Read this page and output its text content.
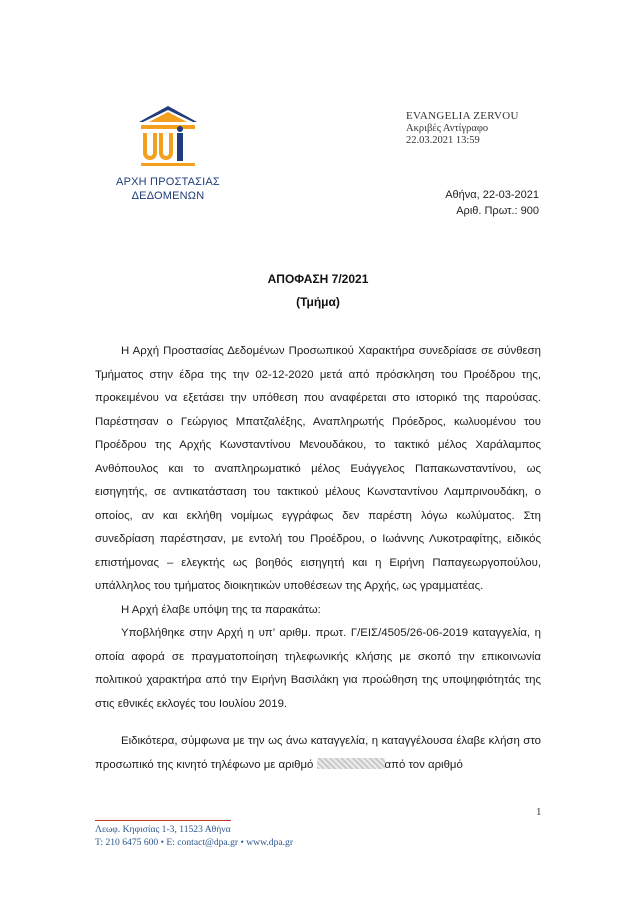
ΑΡΧΗ ΠΡΟΣΤΑΣΙΑΣ
ΔΕΔΟΜΕΝΩΝ
EVANGELIA ZERVOU
Ακριβές Αντίγραφο
22.03.2021 13:59
Αθήνα, 22-03-2021
Αριθ. Πρωτ.: 900
ΑΠΟΦΑΣΗ 7/2021
(Τμήμα)

Η Αρχή Προστασίας Δεδομένων Προσωπικού Χαρακτήρα συνεδρίασε σε σύνθεση Τμήματος στην έδρα της την 02-12-2020 μετά από πρόσκληση του Προέδρου της, προκειμένου να εξετάσει την υπόθεση που αναφέρεται στο ιστορικό της παρούσας. Παρέστησαν ο Γεώργιος Μπατζαλέξης, Αναπληρωτής Πρόεδρος, κωλυομένου του Προέδρου της Αρχής Κωνσταντίνου Μενουδάκου, το τακτικό μέλος Χαράλαμπος Ανθόπουλος και το αναπληρωματικό μέλος Ευάγγελος Παπακωνσταντίνου, ως εισηγητής, σε αντικατάσταση του τακτικού μέλους Κωνσταντίνου Λαμπρινουδάκη, ο οποίος, αν και εκλήθη νομίμως εγγράφως δεν παρέστη λόγω κωλύματος. Στη συνεδρίαση παρέστησαν, με εντολή του Προέδρου, ο Ιωάννης Λυκοτραφίτης, ειδικός επιστήμονας – ελεγκτής ως βοηθός εισηγητή και η Ειρήνη Παπαγεωργοπούλου, υπάλληλος του τμήματος διοικητικών υποθέσεων της Αρχής, ως γραμματέας.

Η Αρχή έλαβε υπόψη της τα παρακάτω:

Υποβλήθηκε στην Αρχή η υπ’ αριθμ. πρωτ. Γ/ΕΙΣ/4505/26-06-2019 καταγγελία, η οποία αφορά σε πραγματοποίηση τηλεφωνικής κλήσης με σκοπό την επικοινωνία πολιτικού χαρακτήρα από την Ειρήνη Βασιλάκη για προώθηση της υποψηφιότητάς της στις εθνικές εκλογές του Ιουλίου 2019.

Ειδικότερα, σύμφωνα με την ως άνω καταγγελία, η καταγγέλουσα έλαβε κλήση στο προσωπικό της κινητό τηλέφωνο με αριθμό	από τον αριθμό

1
Λεωφ. Κηφισίας 1-3, 11523 Αθήνα
Τ: 210 6475 600 • E: contact@dpa.gr • www.dpa.gr
